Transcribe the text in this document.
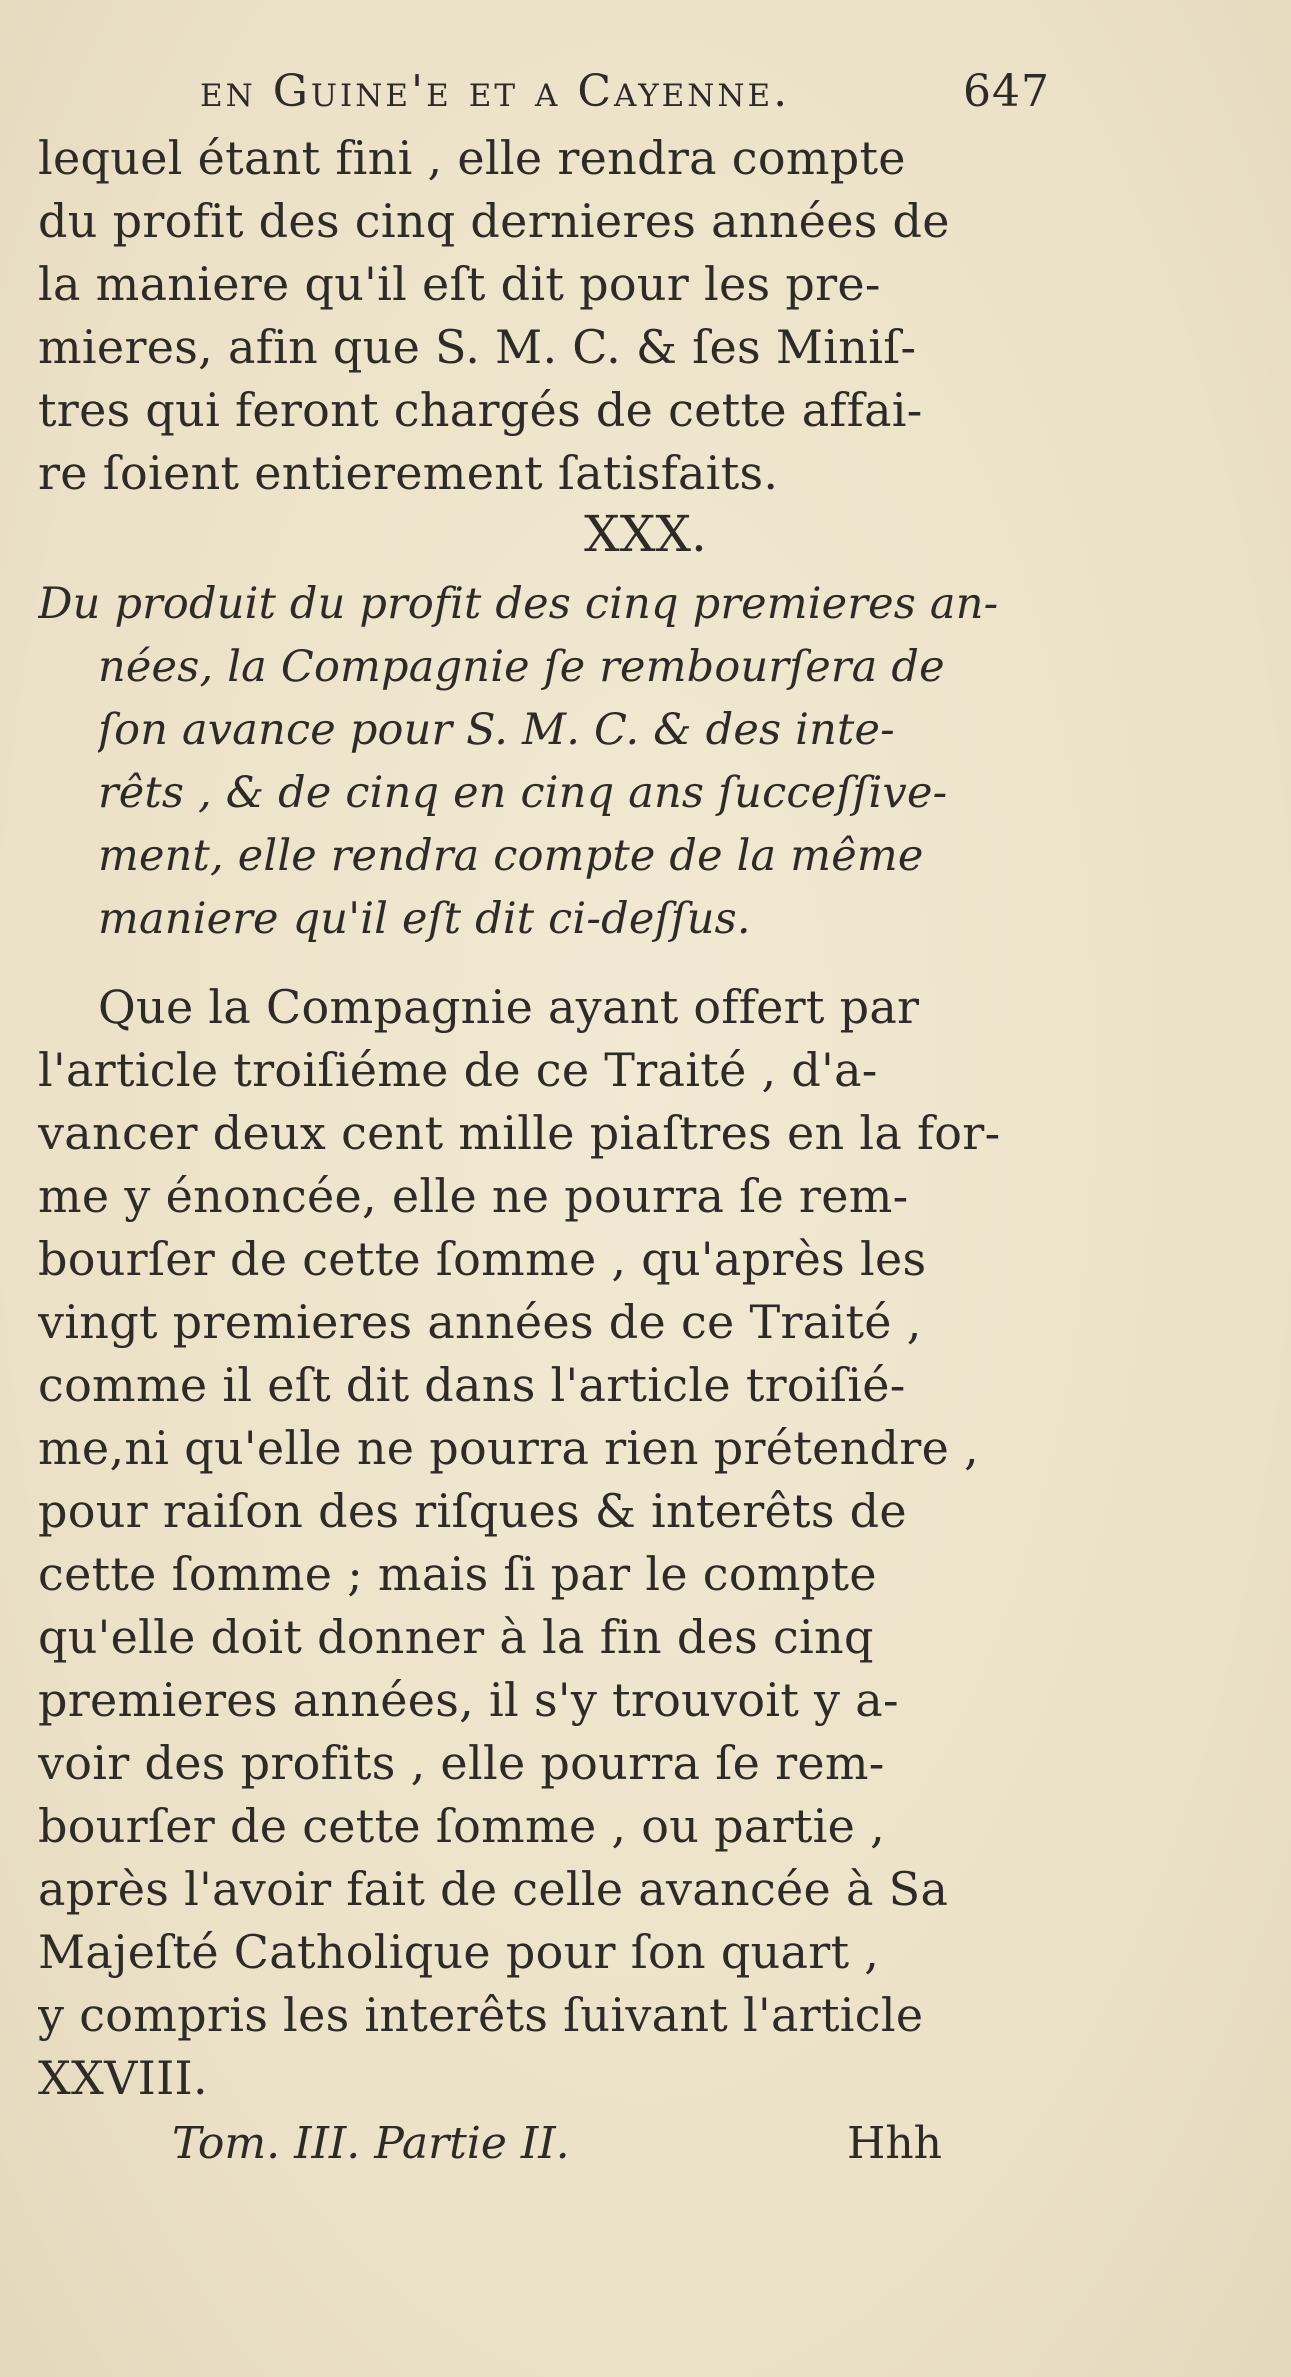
en Guine'e et a Cayenne.	647
lequel étant fini , elle rendra compte
du profit des cinq dernieres années de
la maniere qu'il eſt dit pour les pre-
mieres, afin que S. M. C. & ſes Miniſ-
tres qui feront chargés de cette affai-
re ſoient entierement ſatisfaits.
XXX.
Du produit du profit des cinq premieres an-
nées, la Compagnie ſe rembourſera de
ſon avance pour S. M. C. & des inte-
rêts , & de cinq en cinq ans ſucceſſive-
ment, elle rendra compte de la même
maniere qu'il eſt dit ci-deſſus.
Que la Compagnie ayant offert par
l'article troiſiéme de ce Traité , d'a-
vancer deux cent mille piaſtres en la for-
me y énoncée, elle ne pourra ſe rem-
bourſer de cette ſomme , qu'après les
vingt premieres années de ce Traité ,
comme il eſt dit dans l'article troiſié-
me,ni qu'elle ne pourra rien prétendre ,
pour raiſon des riſques & interêts de
cette ſomme ; mais ſi par le compte
qu'elle doit donner à la fin des cinq
premieres années, il s'y trouvoit y a-
voir des profits , elle pourra ſe rem-
bourſer de cette ſomme , ou partie ,
après l'avoir fait de celle avancée à Sa
Majeſté Catholique pour ſon quart ,
y compris les interêts ſuivant l'article
XXVIII.
Tom. III. Partie II.	Hhh
